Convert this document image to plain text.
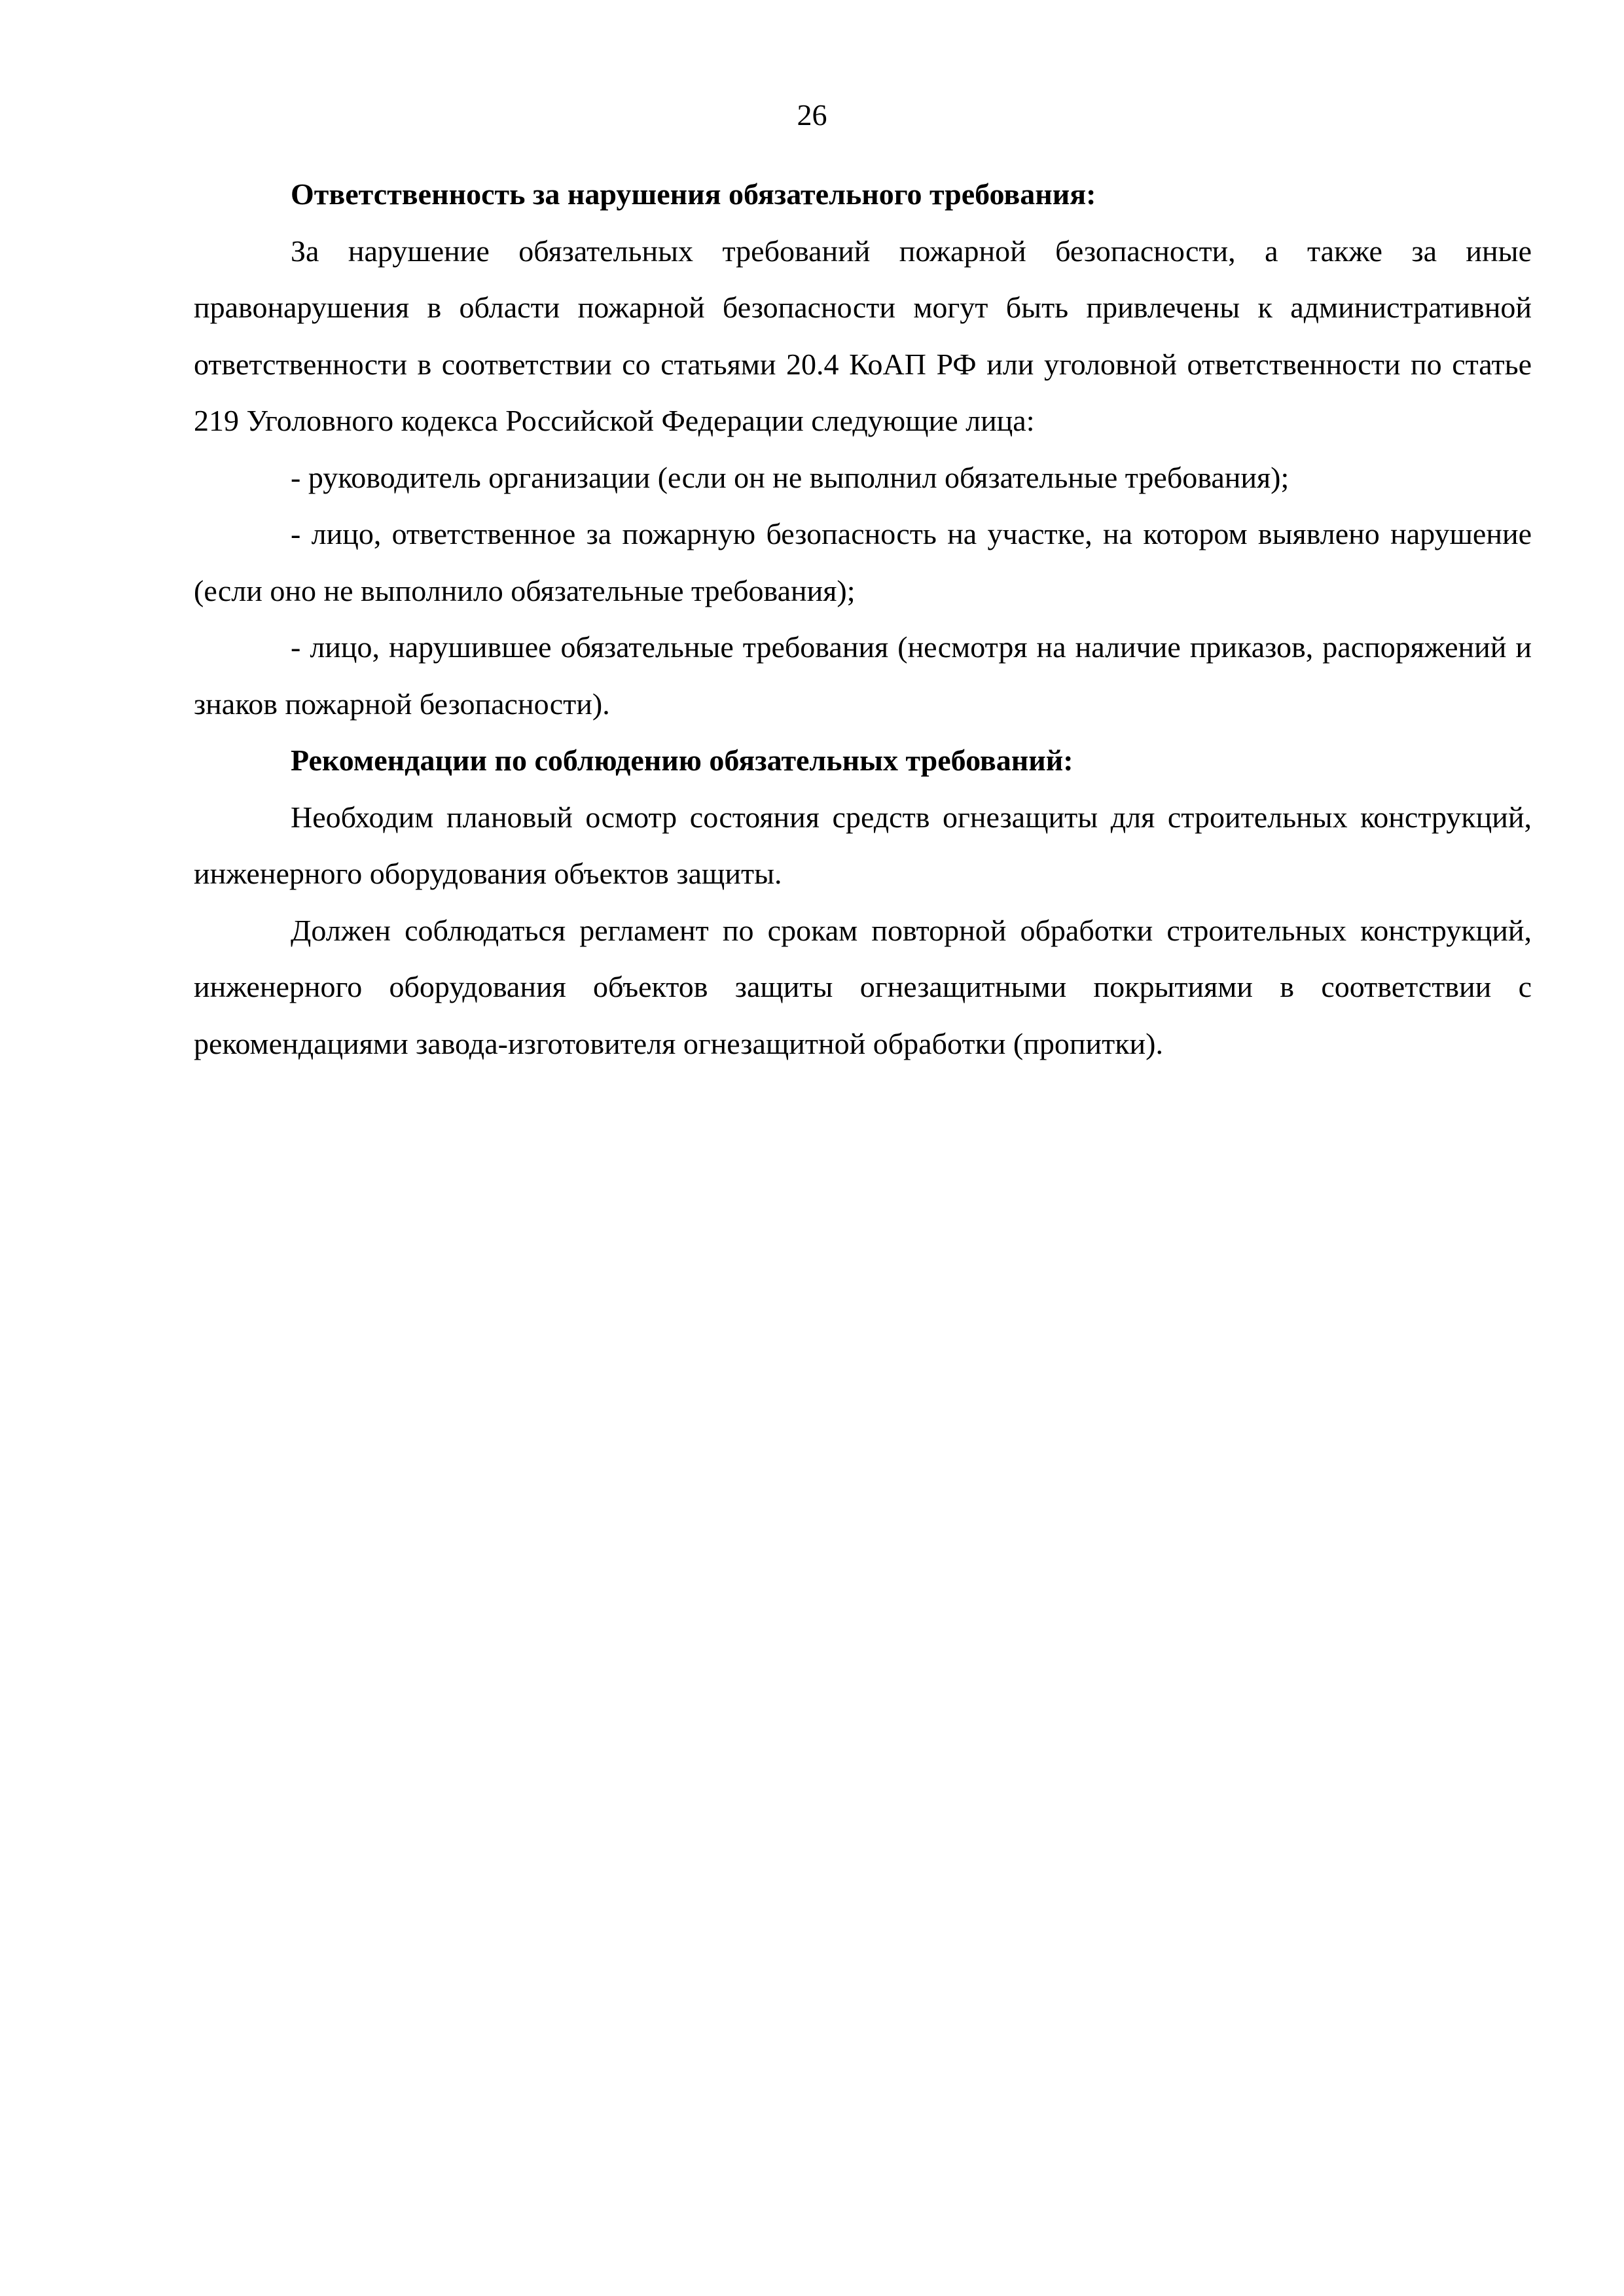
26

Ответственность за нарушения обязательного требования:

За нарушение обязательных требований пожарной безопасности, а также за иные правонарушения в области пожарной безопасности могут быть привлечены к административной ответственности в соответствии со статьями 20.4 КоАП РФ или уголовной ответственности по статье 219 Уголовного кодекса Российской Федерации следующие лица:

- руководитель организации (если он не выполнил обязательные требования);

- лицо, ответственное за пожарную безопасность на участке, на котором выявлено нарушение (если оно не выполнило обязательные требования);

- лицо, нарушившее обязательные требования (несмотря на наличие приказов, распоряжений и знаков пожарной безопасности).

Рекомендации по соблюдению обязательных требований:

Необходим плановый осмотр состояния средств огнезащиты для строительных конструкций, инженерного оборудования объектов защиты.

Должен соблюдаться регламент по срокам повторной обработки строительных конструкций, инженерного оборудования объектов защиты огнезащитными покрытиями в соответствии с рекомендациями завода-изготовителя огнезащитной обработки (пропитки).
